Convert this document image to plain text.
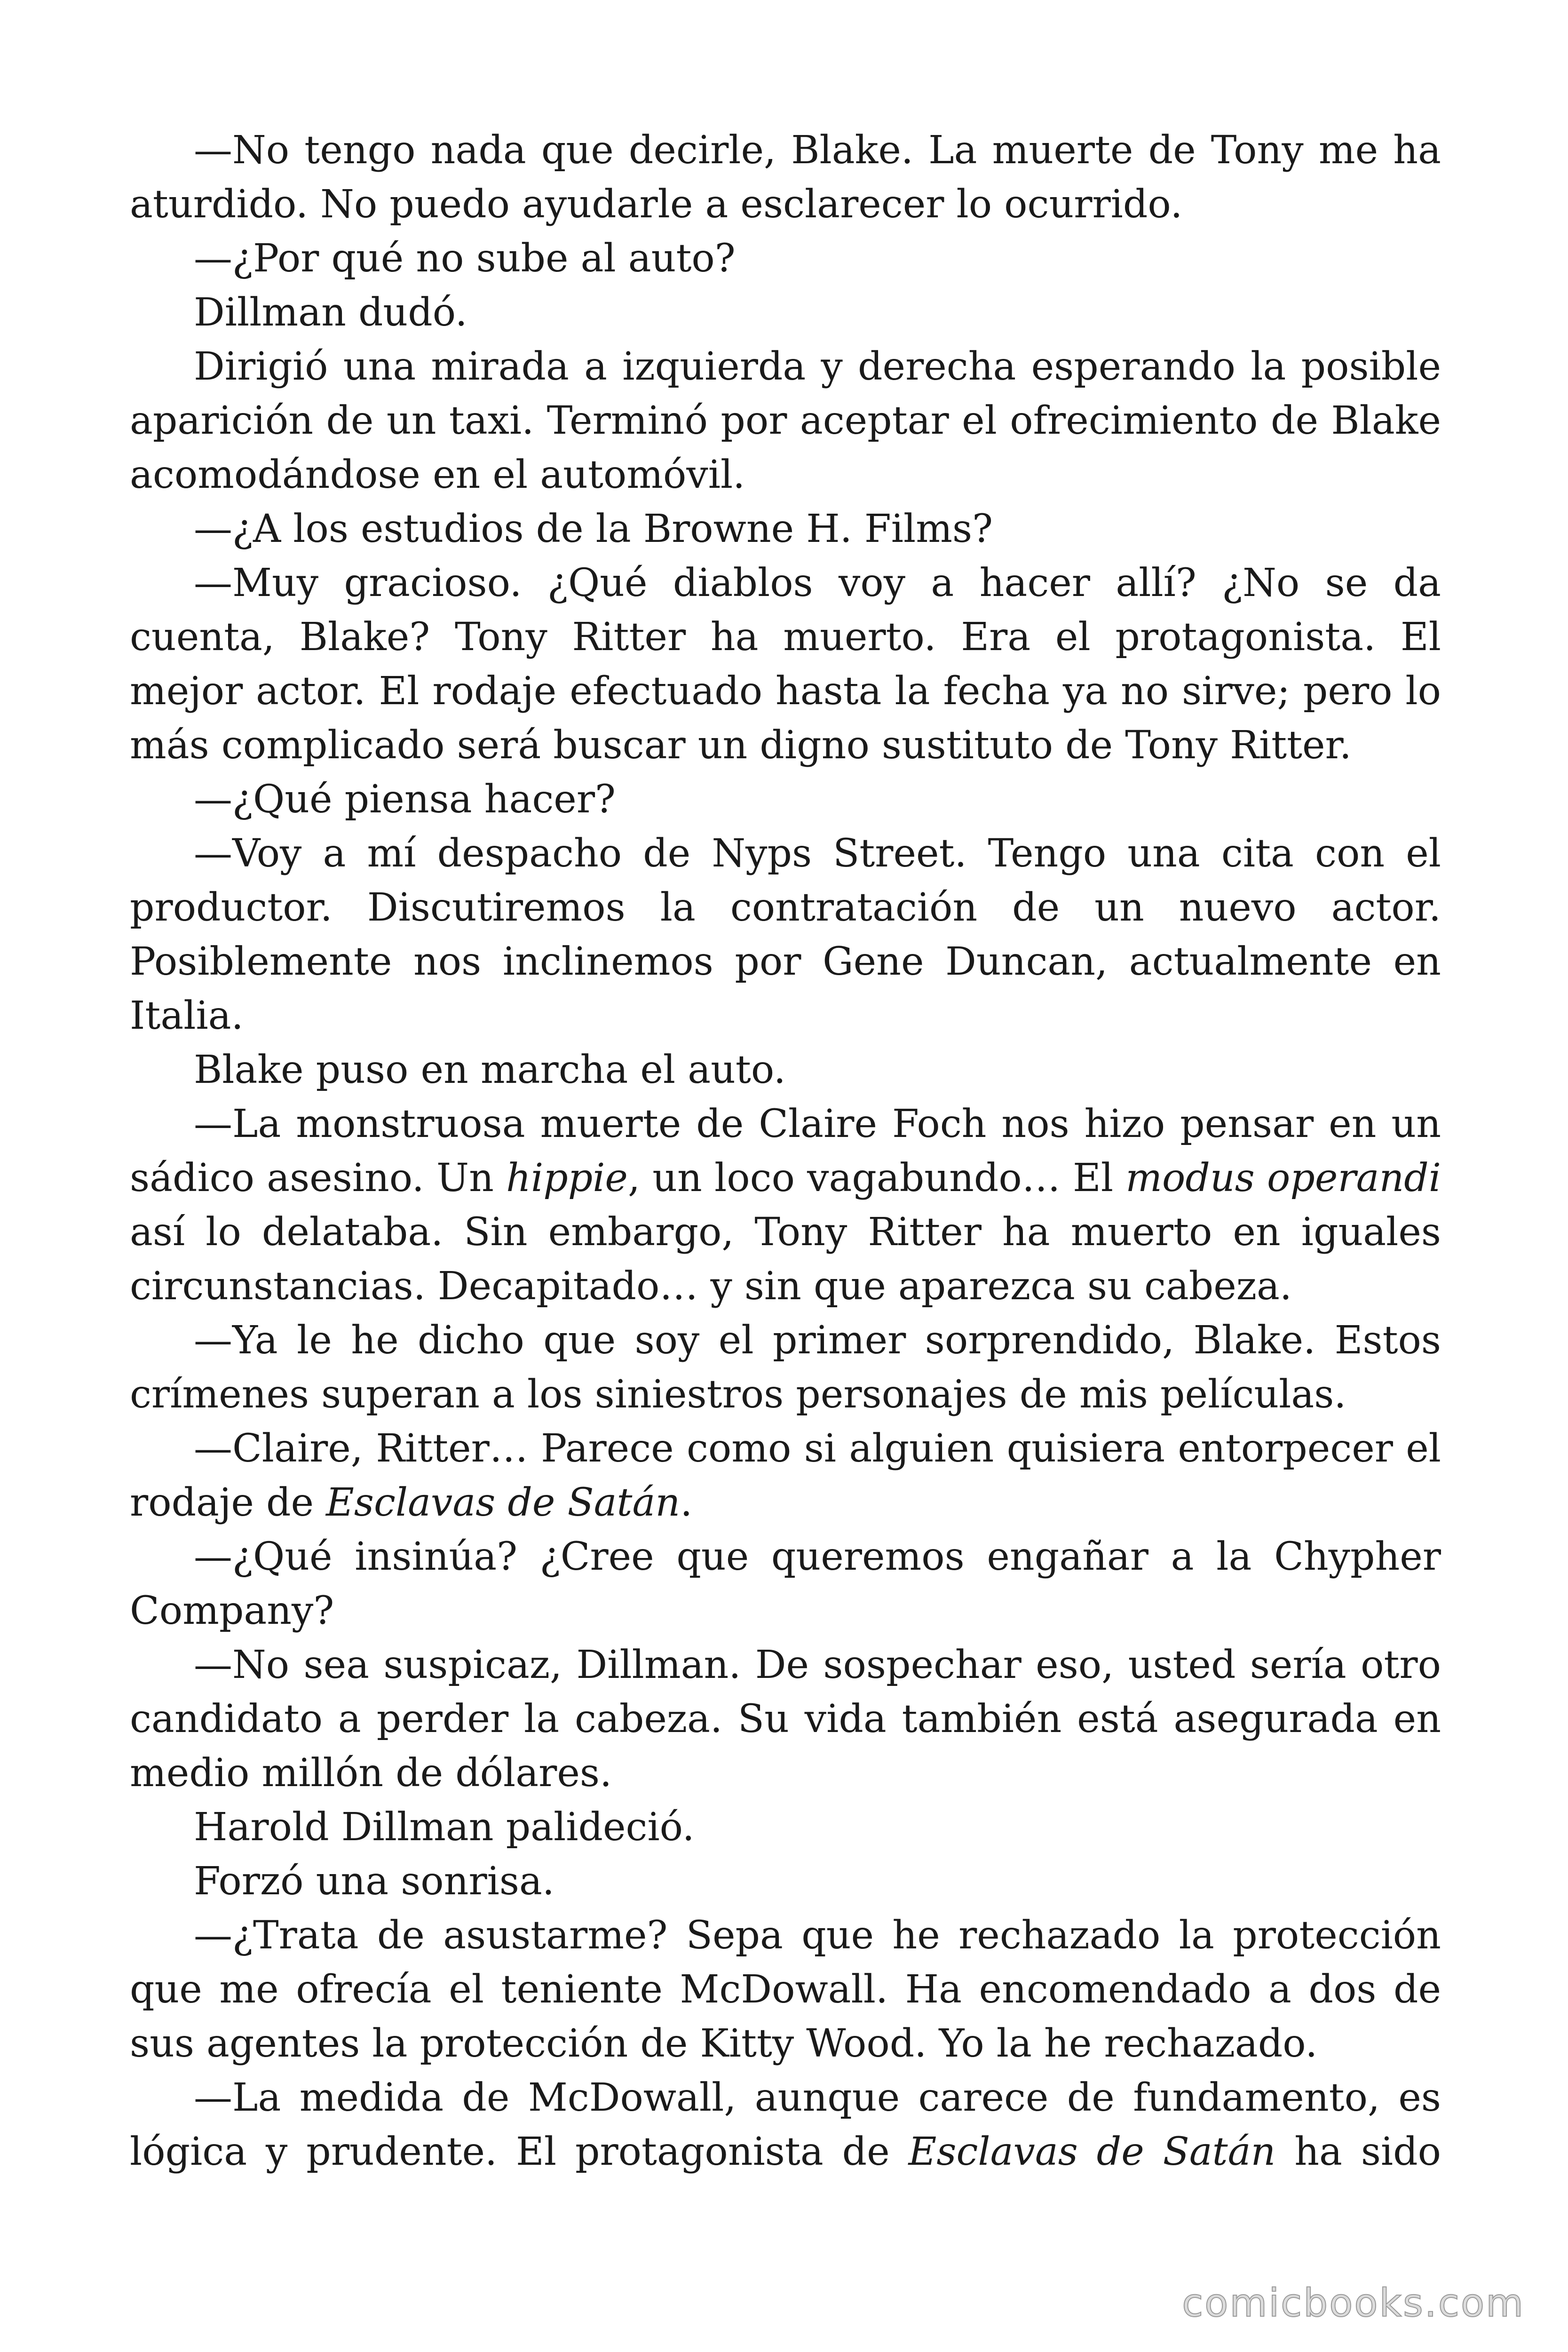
—No tengo nada que decirle, Blake. La muerte de Tony me ha aturdido. No puedo ayudarle a esclarecer lo ocurrido.

—¿Por qué no sube al auto?

Dillman dudó.

Dirigió una mirada a izquierda y derecha esperando la posible aparición de un taxi. Terminó por aceptar el ofrecimiento de Blake acomodándose en el automóvil.

—¿A los estudios de la Browne H. Films?

—Muy gracioso. ¿Qué diablos voy a hacer allí? ¿No se da cuenta, Blake? Tony Ritter ha muerto. Era el protagonista. El mejor actor. El rodaje efectuado hasta la fecha ya no sirve; pero lo más complicado será buscar un digno sustituto de Tony Ritter.

—¿Qué piensa hacer?

—Voy a mí despacho de Nyps Street. Tengo una cita con el productor. Discutiremos la contratación de un nuevo actor. Posiblemente nos inclinemos por Gene Duncan, actualmente en Italia.

Blake puso en marcha el auto.

—La monstruosa muerte de Claire Foch nos hizo pensar en un sádico asesino. Un hippie, un loco vagabundo… El modus operandi así lo delataba. Sin embargo, Tony Ritter ha muerto en iguales circunstancias. Decapitado… y sin que aparezca su cabeza.

—Ya le he dicho que soy el primer sorprendido, Blake. Estos crímenes superan a los siniestros personajes de mis películas.

—Claire, Ritter… Parece como si alguien quisiera entorpecer el rodaje de Esclavas de Satán.

—¿Qué insinúa? ¿Cree que queremos engañar a la Chypher Company?

—No sea suspicaz, Dillman. De sospechar eso, usted sería otro candidato a perder la cabeza. Su vida también está asegurada en medio millón de dólares.

Harold Dillman palideció.

Forzó una sonrisa.

—¿Trata de asustarme? Sepa que he rechazado la protección que me ofrecía el teniente McDowall. Ha encomendado a dos de sus agentes la protección de Kitty Wood. Yo la he rechazado.

—La medida de McDowall, aunque carece de fundamento, es lógica y prudente. El protagonista de Esclavas de Satán ha sido

comicbooks.com
